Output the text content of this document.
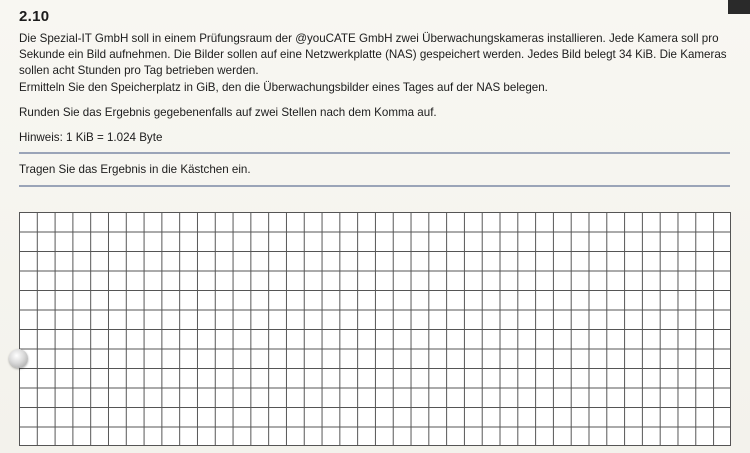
2.10
Die Spezial-IT GmbH soll in einem Prüfungsraum der @youCATE GmbH zwei Überwachungskameras installieren. Jede Kamera soll pro Sekunde ein Bild aufnehmen. Die Bilder sollen auf eine Netzwerkplatte (NAS) gespeichert werden. Jedes Bild belegt 34 KiB. Die Kameras sollen acht Stunden pro Tag betrieben werden.
Ermitteln Sie den Speicherplatz in GiB, den die Überwachungsbilder eines Tages auf der NAS belegen.
Runden Sie das Ergebnis gegebenenfalls auf zwei Stellen nach dem Komma auf.
Hinweis: 1 KiB = 1.024 Byte
Tragen Sie das Ergebnis in die Kästchen ein.
